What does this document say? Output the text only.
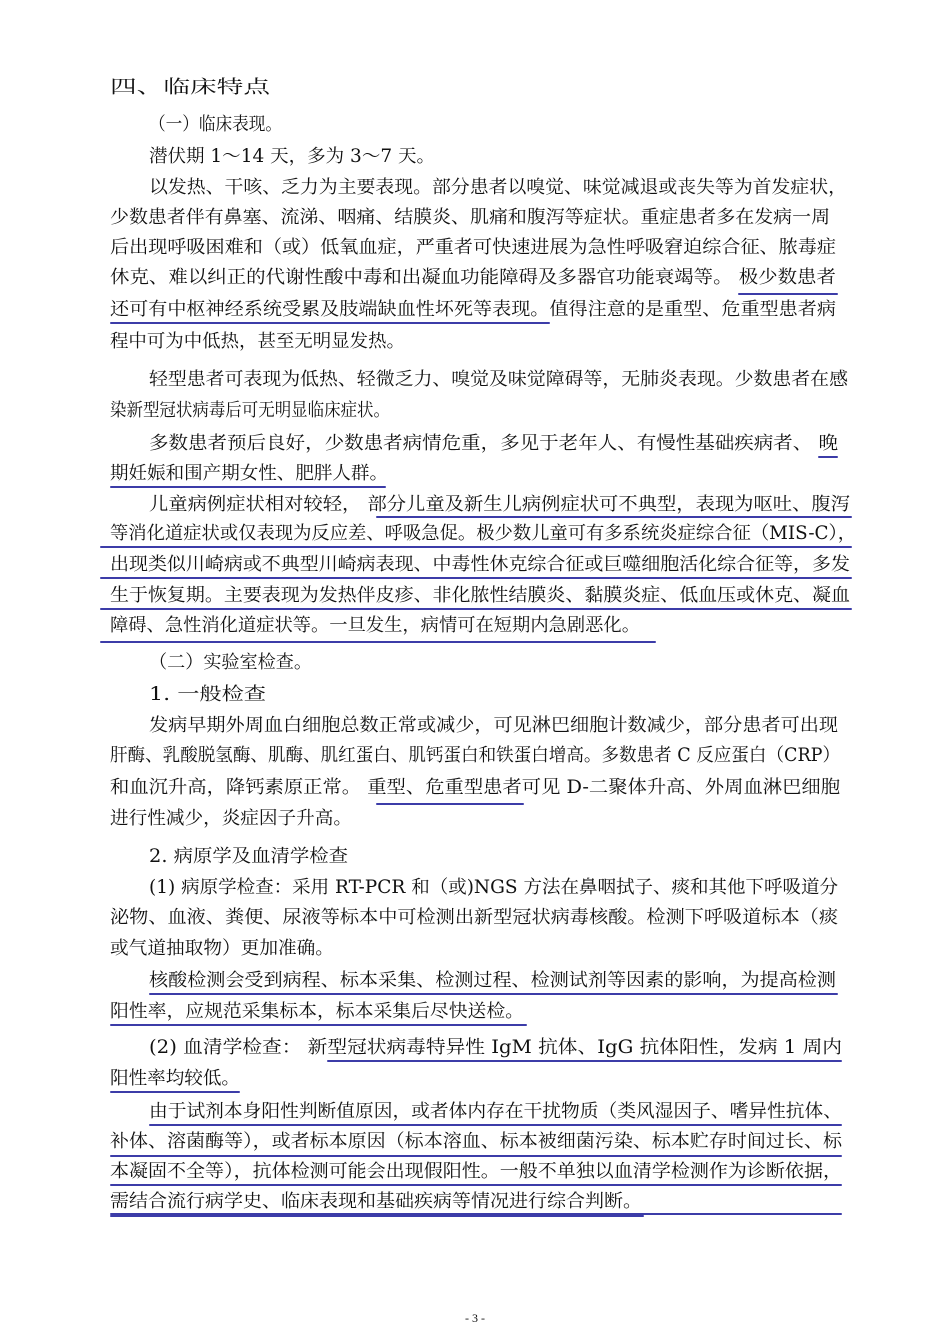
四、临床特点
（一）临床表现。
潜伏期 1～14 天，多为 3～7 天。
以发热、干咳、乏力为主要表现。部分患者以嗅觉、味觉减退或丧失等为首发症状，
少数患者伴有鼻塞、流涕、咽痛、结膜炎、肌痛和腹泻等症状。重症患者多在发病一周
后出现呼吸困难和（或）低氧血症，严重者可快速进展为急性呼吸窘迫综合征、脓毒症
休克、难以纠正的代谢性酸中毒和出凝血功能障碍及多器官功能衰竭等。 极少数患者
还可有中枢神经系统受累及肢端缺血性坏死等表现。值得注意的是重型、危重型患者病
程中可为中低热，甚至无明显发热。
轻型患者可表现为低热、轻微乏力、嗅觉及味觉障碍等，无肺炎表现。少数患者在感
染新型冠状病毒后可无明显临床症状。
多数患者预后良好，少数患者病情危重，多见于老年人、有慢性基础疾病者、 晚
期妊娠和围产期女性、肥胖人群。
儿童病例症状相对较轻， 部分儿童及新生儿病例症状可不典型，表现为呕吐、腹泻
等消化道症状或仅表现为反应差、呼吸急促。极少数儿童可有多系统炎症综合征（MIS-C），
出现类似川崎病或不典型川崎病表现、中毒性休克综合征或巨噬细胞活化综合征等，多发
生于恢复期。主要表现为发热伴皮疹、非化脓性结膜炎、黏膜炎症、低血压或休克、凝血
障碍、急性消化道症状等。一旦发生，病情可在短期内急剧恶化。
（二）实验室检查。
1. 一般检查
发病早期外周血白细胞总数正常或减少，可见淋巴细胞计数减少，部分患者可出现
肝酶、乳酸脱氢酶、肌酶、肌红蛋白、肌钙蛋白和铁蛋白增高。多数患者 C 反应蛋白（CRP）
和血沉升高，降钙素原正常。 重型、危重型患者可见 D-二聚体升高、外周血淋巴细胞
进行性减少，炎症因子升高。
2. 病原学及血清学检查
(1) 病原学检查：采用 RT-PCR 和（或)NGS 方法在鼻咽拭子、痰和其他下呼吸道分
泌物、血液、粪便、尿液等标本中可检测出新型冠状病毒核酸。检测下呼吸道标本（痰
或气道抽取物）更加准确。
核酸检测会受到病程、标本采集、检测过程、检测试剂等因素的影响，为提高检测
阳性率，应规范采集标本，标本采集后尽快送检。
(2) 血清学检查： 新型冠状病毒特异性 IgM 抗体、IgG 抗体阳性，发病 1 周内
阳性率均较低。
由于试剂本身阳性判断值原因，或者体内存在干扰物质（类风湿因子、嗜异性抗体、
补体、溶菌酶等），或者标本原因（标本溶血、标本被细菌污染、标本贮存时间过长、标
本凝固不全等），抗体检测可能会出现假阳性。一般不单独以血清学检测作为诊断依据，
需结合流行病学史、临床表现和基础疾病等情况进行综合判断。
- 3 -
